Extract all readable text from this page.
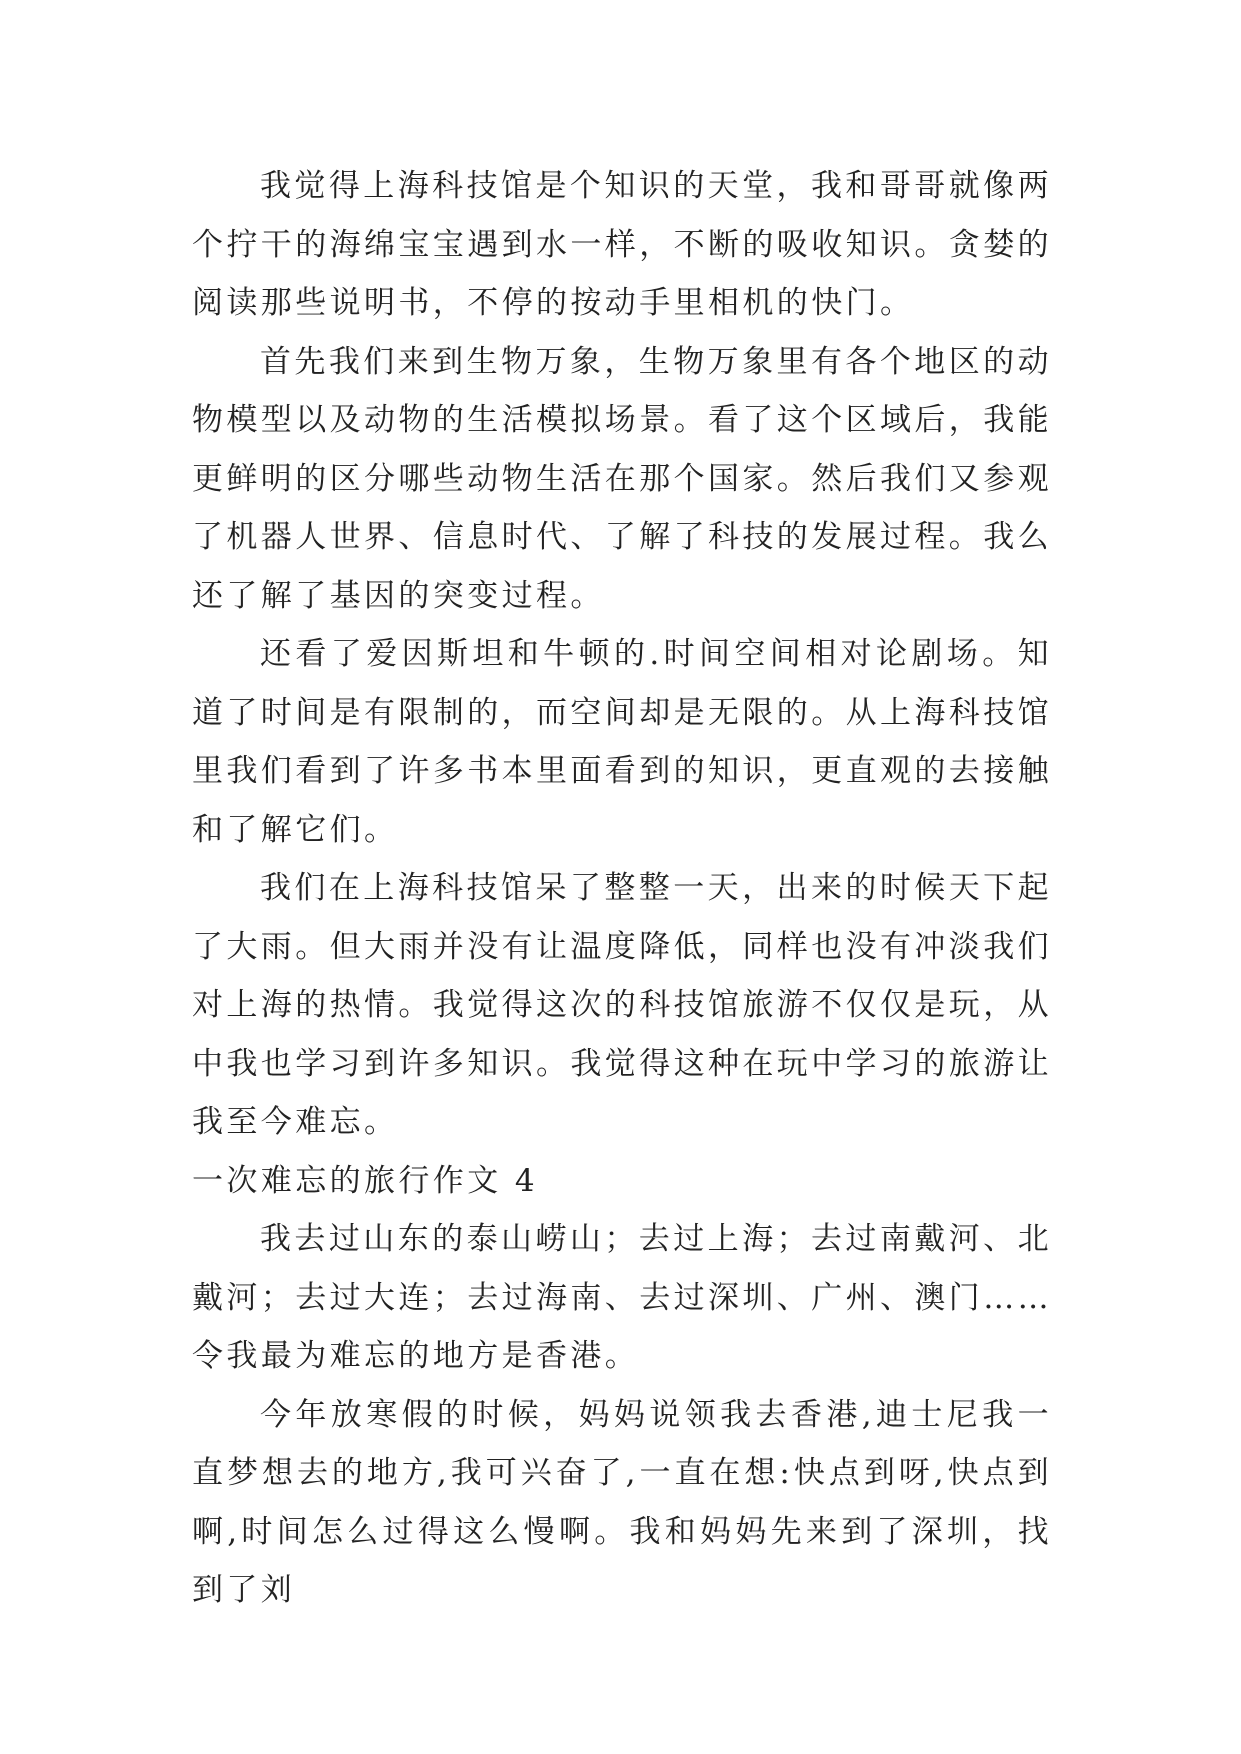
我觉得上海科技馆是个知识的天堂，我和哥哥就像两个拧干的海绵宝宝遇到水一样，不断的吸收知识。贪婪的阅读那些说明书，不停的按动手里相机的快门。

首先我们来到生物万象，生物万象里有各个地区的动物模型以及动物的生活模拟场景。看了这个区域后，我能更鲜明的区分哪些动物生活在那个国家。然后我们又参观了机器人世界、信息时代、了解了科技的发展过程。我么还了解了基因的突变过程。

还看了爱因斯坦和牛顿的.时间空间相对论剧场。知道了时间是有限制的，而空间却是无限的。从上海科技馆里我们看到了许多书本里面看到的知识，更直观的去接触和了解它们。

我们在上海科技馆呆了整整一天，出来的时候天下起了大雨。但大雨并没有让温度降低，同样也没有冲淡我们对上海的热情。我觉得这次的科技馆旅游不仅仅是玩，从中我也学习到许多知识。我觉得这种在玩中学习的旅游让我至今难忘。

一次难忘的旅行作文 4

我去过山东的泰山崂山；去过上海；去过南戴河、北戴河；去过大连；去过海南、去过深圳、广州、澳门……令我最为难忘的地方是香港。

今年放寒假的时候，妈妈说领我去香港,迪士尼我一直梦想去的地方,我可兴奋了,一直在想:快点到呀,快点到啊,时间怎么过得这么慢啊。我和妈妈先来到了深圳，找到了刘
